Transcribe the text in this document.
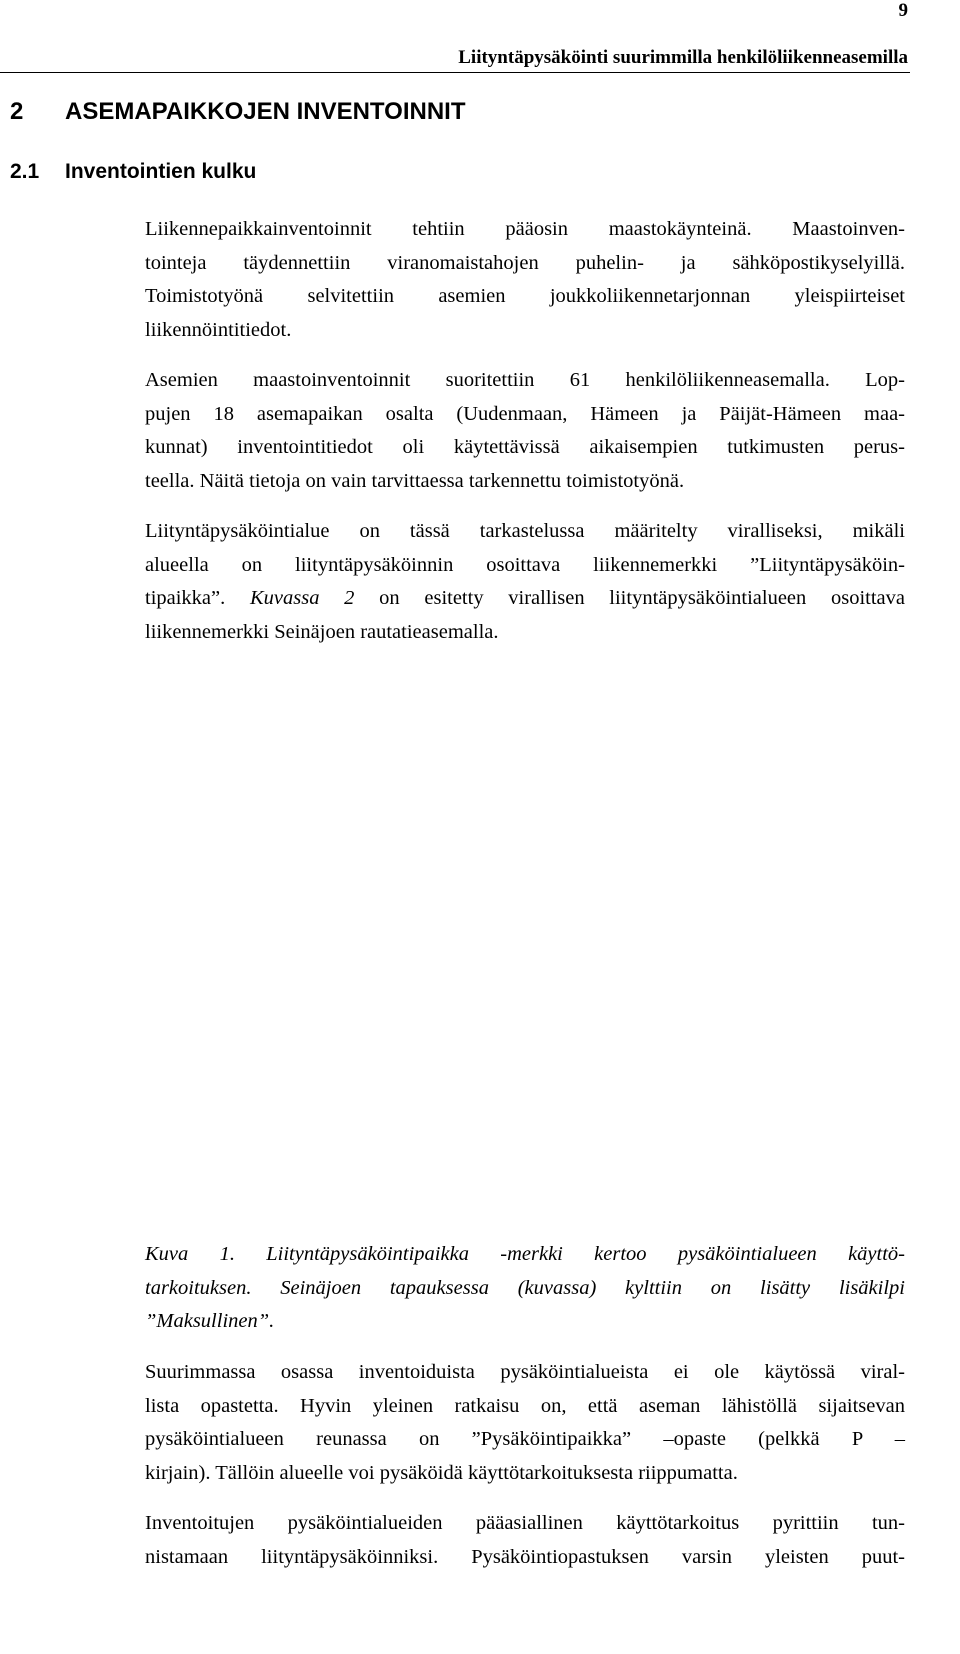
9
Liityntäpysäköinti suurimmilla henkilöliikenneasemilla
2 ASEMAPAIKKOJEN INVENTOINNIT
2.1 Inventointien kulku
Liikennepaikkainventoinnit tehtiin pääosin maastokäynteinä. Maastoinven-
tointeja täydennettiin viranomaistahojen puhelin- ja sähköpostikyselyillä.
Toimistotyönä selvitettiin asemien joukkoliikennetarjonnan yleispiirteiset
liikennöintitiedot.
Asemien maastoinventoinnit suoritettiin 61 henkilöliikenneasemalla. Lop-
pujen 18 asemapaikan osalta (Uudenmaan, Hämeen ja Päijät-Hämeen maa-
kunnat) inventointitiedot oli käytettävissä aikaisempien tutkimusten perus-
teella. Näitä tietoja on vain tarvittaessa tarkennettu toimistotyönä.
Liityntäpysäköintialue on tässä tarkastelussa määritelty viralliseksi, mikäli
alueella on liityntäpysäköinnin osoittava liikennemerkki ”Liityntäpysäköin-
tipaikka”. Kuvassa 2 on esitetty virallisen liityntäpysäköintialueen osoittava
liikennemerkki Seinäjoen rautatieasemalla.
Kuva 1. Liityntäpysäköintipaikka -merkki kertoo pysäköintialueen käyttö-
tarkoituksen. Seinäjoen tapauksessa (kuvassa) kylttiin on lisätty lisäkilpi
”Maksullinen”.
Suurimmassa osassa inventoiduista pysäköintialueista ei ole käytössä viral-
lista opastetta. Hyvin yleinen ratkaisu on, että aseman lähistöllä sijaitsevan
pysäköintialueen reunassa on ”Pysäköintipaikka” –opaste (pelkkä P –
kirjain). Tällöin alueelle voi pysäköidä käyttötarkoituksesta riippumatta.
Inventoitujen pysäköintialueiden pääasiallinen käyttötarkoitus pyrittiin tun-
nistamaan liityntäpysäköinniksi. Pysäköintiopastuksen varsin yleisten puut-
